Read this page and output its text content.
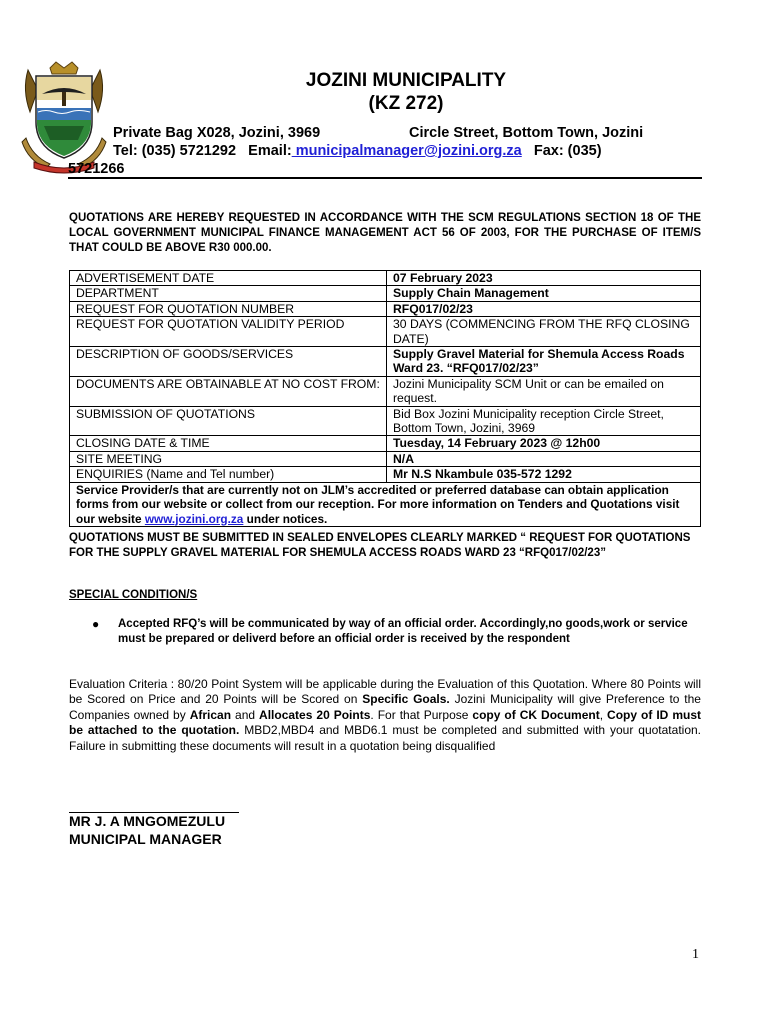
JOZINI MUNICIPALITY
(KZ 272)
Private Bag X028, Jozini, 3969	Circle Street, Bottom Town, Jozini
Tel: (035) 5721292 Email: municipalmanager@jozini.org.za Fax: (035)
5721266
QUOTATIONS ARE HEREBY REQUESTED IN ACCORDANCE WITH THE SCM REGULATIONS SECTION 18 OF THE LOCAL GOVERNMENT MUNICIPAL FINANCE MANAGEMENT ACT 56 OF 2003, FOR THE PURCHASE OF ITEM/S THAT COULD BE ABOVE R30 000.00.
ADVERTISEMENT DATE	07 February 2023
DEPARTMENT	Supply Chain Management
REQUEST FOR QUOTATION NUMBER	RFQ017/02/23
REQUEST FOR QUOTATION VALIDITY PERIOD	30 DAYS (COMMENCING FROM THE RFQ CLOSING DATE)
DESCRIPTION OF GOODS/SERVICES	Supply Gravel Material for Shemula Access Roads Ward 23. “RFQ017/02/23”
DOCUMENTS ARE OBTAINABLE AT NO COST FROM:	Jozini Municipality SCM Unit or can be emailed on request.
SUBMISSION OF QUOTATIONS	Bid Box Jozini Municipality reception Circle Street, Bottom Town, Jozini, 3969
CLOSING DATE & TIME	Tuesday, 14 February 2023 @ 12h00
SITE MEETING	N/A
ENQUIRIES (Name and Tel number)	Mr N.S Nkambule 035-572 1292
Service Provider/s that are currently not on JLM’s accredited or preferred database can obtain application forms from our website or collect from our reception. For more information on Tenders and Quotations visit our website www.jozini.org.za under notices.	
QUOTATIONS MUST BE SUBMITTED IN SEALED ENVELOPES CLEARLY MARKED “ REQUEST FOR QUOTATIONS FOR THE SUPPLY GRAVEL MATERIAL FOR SHEMULA ACCESS ROADS WARD 23 “RFQ017/02/23”
SPECIAL CONDITION/S
● Accepted RFQ’s will be communicated by way of an official order. Accordingly,no goods,work or service must be prepared or deliverd before an official order is received by the respondent
Evaluation Criteria : 80/20 Point System will be applicable during the Evaluation of this Quotation. Where 80 Points will be Scored on Price and 20 Points will be Scored on Specific Goals. Jozini Municipality will give Preference to the Companies owned by African and Allocates 20 Points. For that Purpose copy of CK Document, Copy of ID must be attached to the quotation. MBD2,MBD4 and MBD6.1 must be completed and submitted with your quotatation. Failure in submitting these documents will result in a quotation being disqualified
MR J. A MNGOMEZULU
MUNICIPAL MANAGER
1
